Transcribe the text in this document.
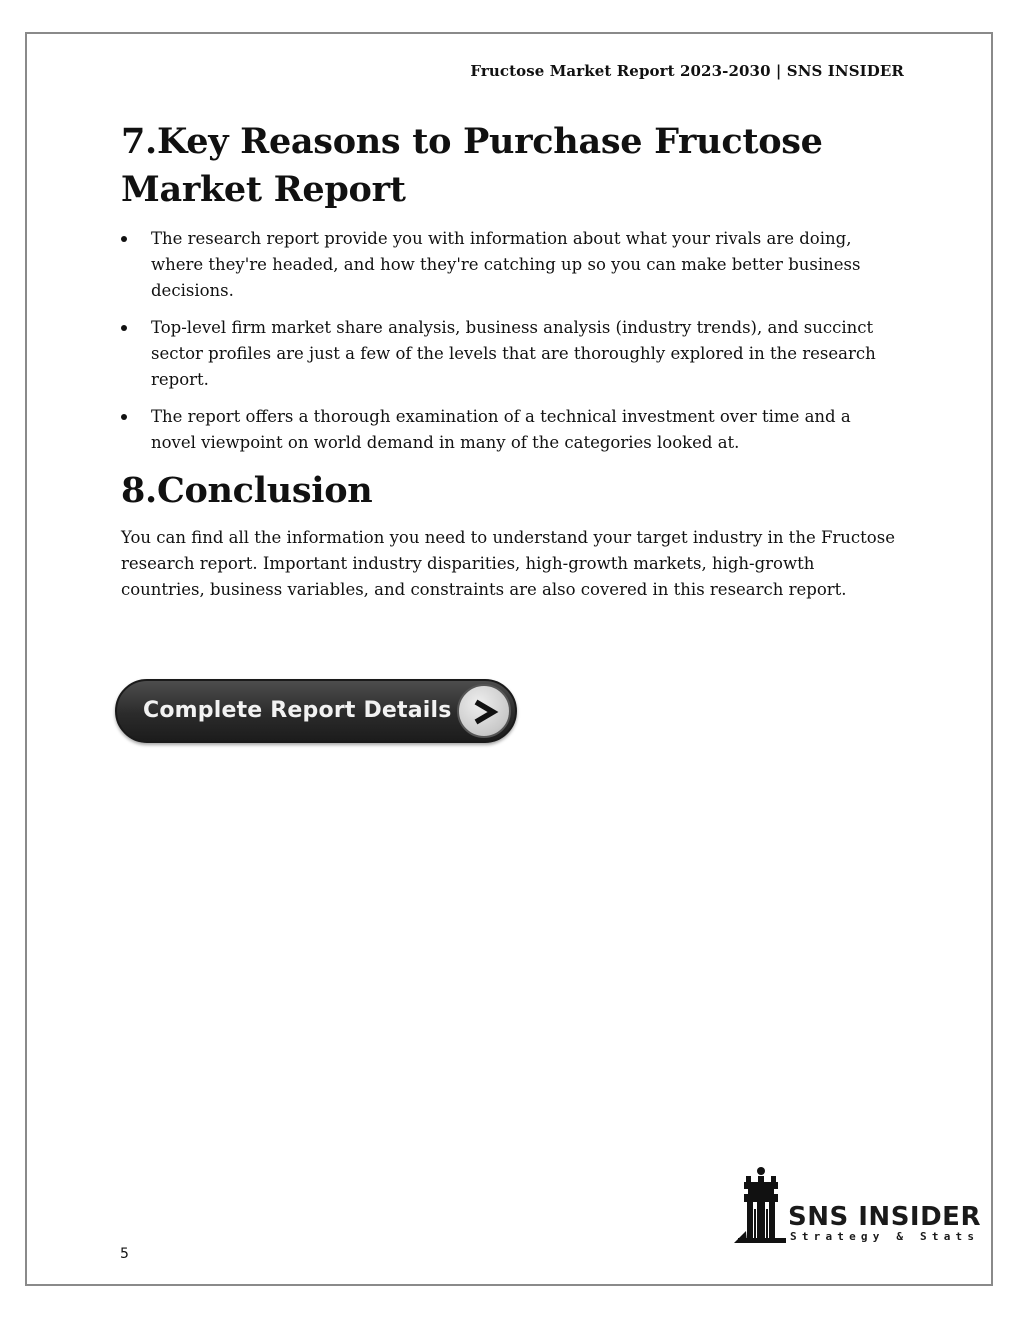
Fructose Market Report 2023-2030 | SNS INSIDER
7.Key Reasons to Purchase Fructose Market Report
The research report provide you with information about what your rivals are doing, where they're headed, and how they're catching up so you can make better business decisions.
Top-level firm market share analysis, business analysis (industry trends), and succinct sector profiles are just a few of the levels that are thoroughly explored in the research report.
The report offers a thorough examination of a technical investment over time and a novel viewpoint on world demand in many of the categories looked at.
8.Conclusion

You can find all the information you need to understand your target industry in the Fructose research report. Important industry disparities, high-growth markets, high-growth countries, business variables, and constraints are also covered in this research report.

Complete Report Details
5
SNS INSIDER
Strategy & Stats
